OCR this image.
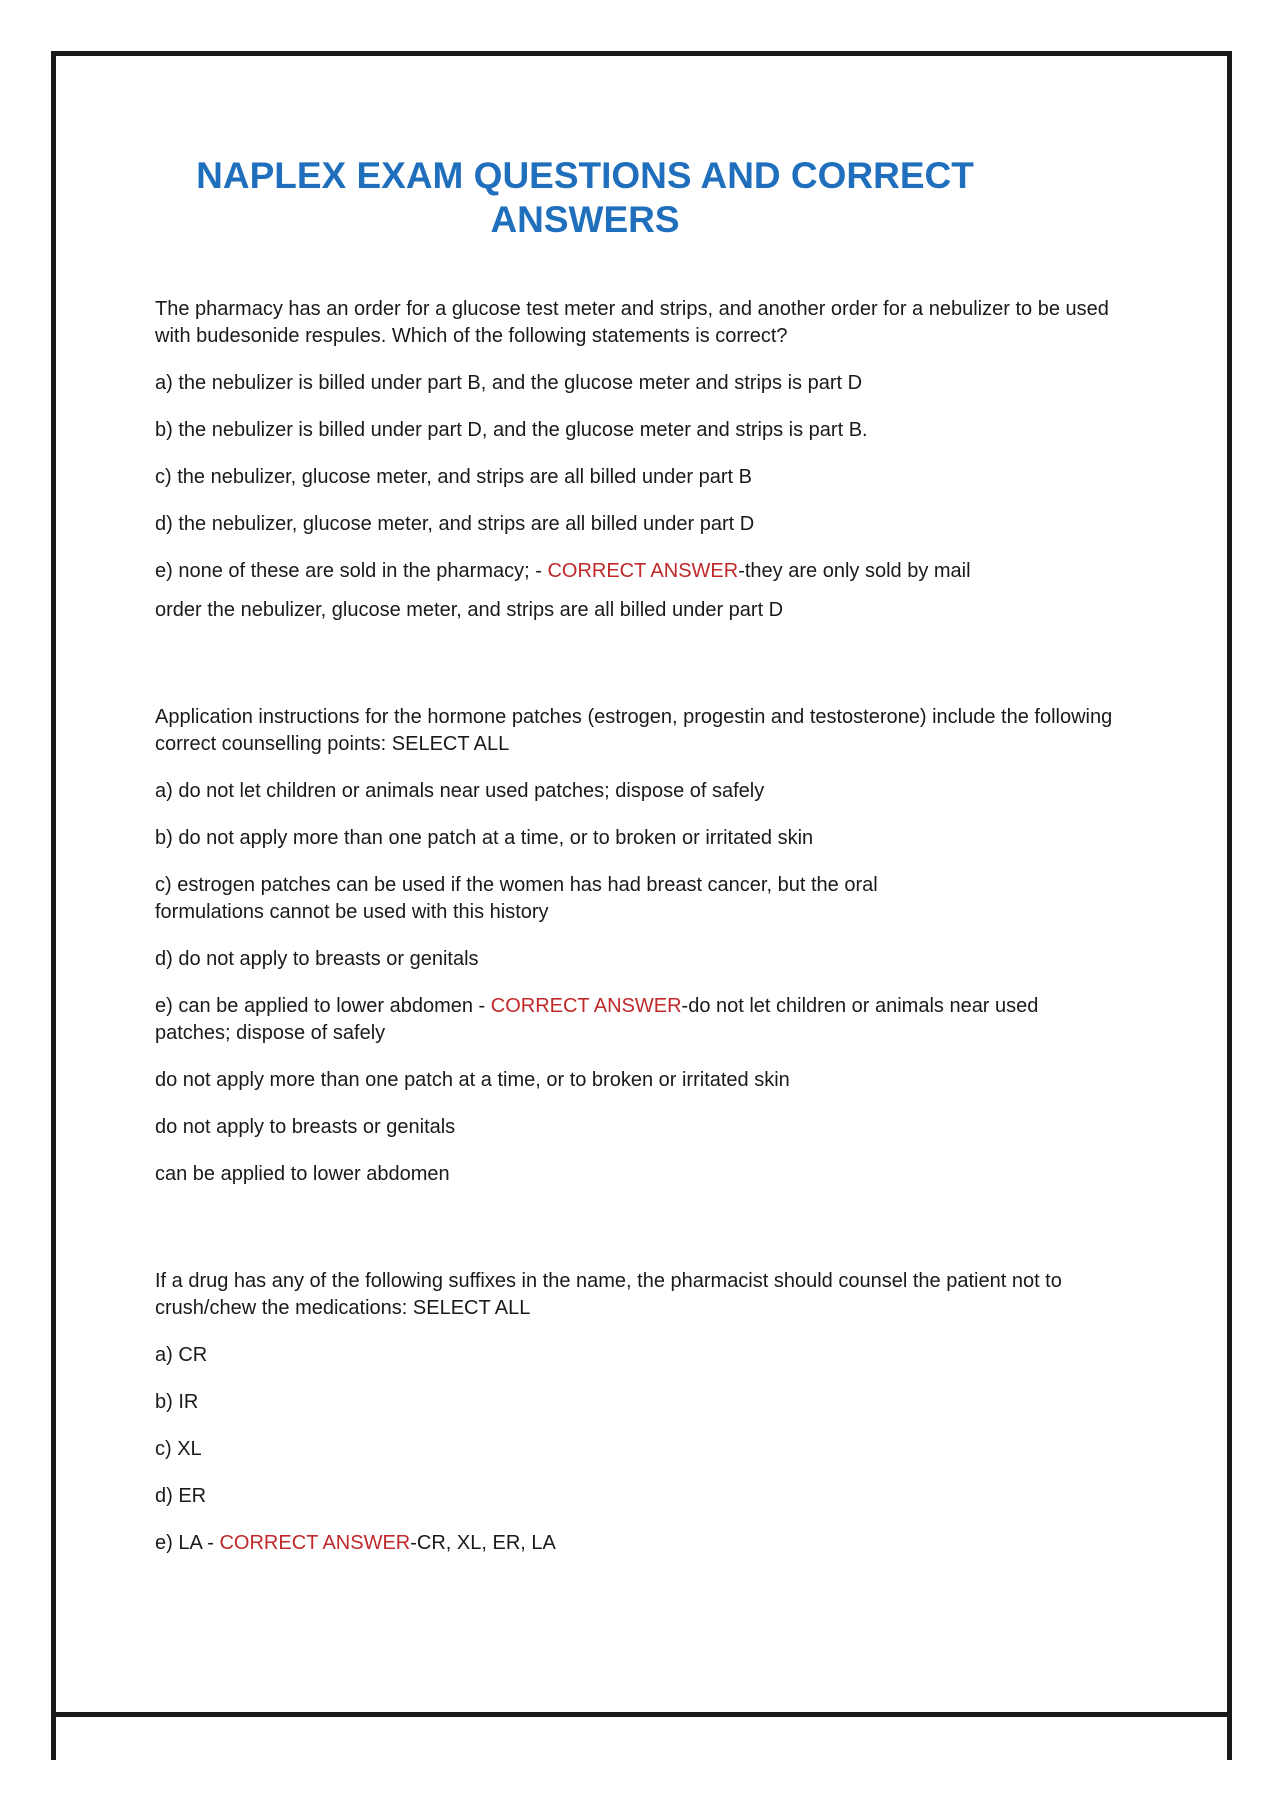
NAPLEX EXAM QUESTIONS AND CORRECT
ANSWERS

The pharmacy has an order for a glucose test meter and strips, and another order for a nebulizer to be used with budesonide respules. Which of the following statements is correct?

a) the nebulizer is billed under part B, and the glucose meter and strips is part D

b) the nebulizer is billed under part D, and the glucose meter and strips is part B.

c) the nebulizer, glucose meter, and strips are all billed under part B

d) the nebulizer, glucose meter, and strips are all billed under part D

e) none of these are sold in the pharmacy; - CORRECT ANSWER-they are only sold by mail

order the nebulizer, glucose meter, and strips are all billed under part D

Application instructions for the hormone patches (estrogen, progestin and testosterone) include the following correct counselling points: SELECT ALL

a) do not let children or animals near used patches; dispose of safely

b) do not apply more than one patch at a time, or to broken or irritated skin

c) estrogen patches can be used if the women has had breast cancer, but the oral formulations cannot be used with this history

d) do not apply to breasts or genitals

e) can be applied to lower abdomen - CORRECT ANSWER-do not let children or animals near used patches; dispose of safely

do not apply more than one patch at a time, or to broken or irritated skin

do not apply to breasts or genitals

can be applied to lower abdomen

If a drug has any of the following suffixes in the name, the pharmacist should counsel the patient not to crush/chew the medications: SELECT ALL

a) CR

b) IR

c) XL

d) ER

e) LA - CORRECT ANSWER-CR, XL, ER, LA
